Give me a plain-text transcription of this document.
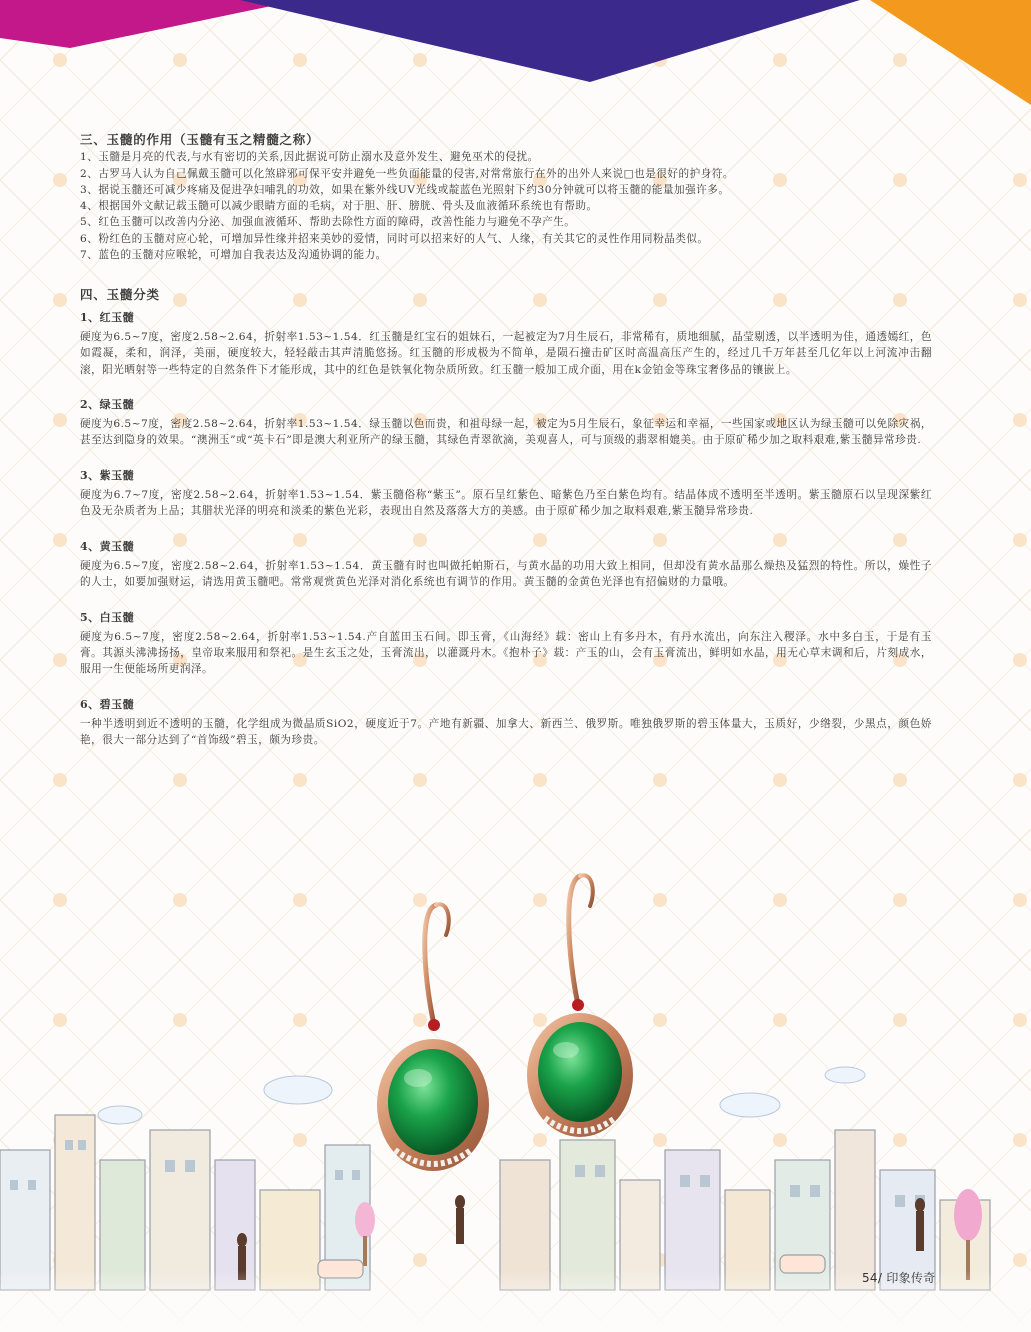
三、玉髓的作用（玉髓有玉之精髓之称）
1、玉髓是月亮的代表,与水有密切的关系,因此据说可防止溺水及意外发生、避免巫术的侵扰。
2、古罗马人认为自己佩戴玉髓可以化煞辟邪可保平安并避免一些负面能量的侵害,对常常旅行在外的出外人来说□也是很好的护身符。
3、据说玉髓还可减少疼痛及促进孕妇哺乳的功效，如果在紫外线UV光线或靛蓝色光照射下约30分钟就可以将玉髓的能量加强许多。
4、根据国外文献记载玉髓可以减少眼睛方面的毛病，对于胆、肝、膀胱、骨头及血液循环系统也有帮助。
5、红色玉髓可以改善内分泌、加强血液循环、帮助去除性方面的障碍，改善性能力与避免不孕产生。
6、粉红色的玉髓对应心轮，可增加异性缘并招来美妙的爱情，同时可以招来好的人气、人缘，有关其它的灵性作用同粉晶类似。
7、蓝色的玉髓对应喉轮，可增加自我表达及沟通协调的能力。
四、玉髓分类
1、红玉髓

硬度为6.5~7度，密度2.58~2.64，折射率1.53~1.54．红玉髓是红宝石的姐妹石，一起被定为7月生辰石，非常稀有，质地细腻，晶莹剔透，以半透明为佳，通透嫣红，色如霞凝，柔和，润泽，美丽，硬度较大，轻轻敲击其声清脆悠扬。红玉髓的形成极为不简单，是陨石撞击矿区时高温高压产生的，经过几千万年甚至几亿年以上河流冲击翻滚，阳光晒射等一些特定的自然条件下才能形成，其中的红色是铁氧化物杂质所致。红玉髓一般加工成介面，用在k金铂金等珠宝奢侈品的镶嵌上。

2、绿玉髓

硬度为6.5~7度，密度2.58~2.64，折射率1.53~1.54．绿玉髓以色而贵，和祖母绿一起，被定为5月生辰石，象征幸运和幸福，一些国家或地区认为绿玉髓可以免除灾祸，甚至达到隐身的效果。“澳洲玉”或“英卡石”即是澳大利亚所产的绿玉髓，其绿色青翠欲滴，美观喜人，可与顶级的翡翠相媲美。由于原矿稀少加之取料艰难,紫玉髓异常珍贵.

3、紫玉髓

硬度为6.7~7度，密度2.58~2.64，折射率1.53~1.54．紫玉髓俗称“紫玉”。原石呈红紫色、暗紫色乃至白紫色均有。结晶体成不透明至半透明。紫玉髓原石以呈现深紫红色及无杂质者为上品；其腊状光泽的明亮和淡柔的紫色光彩，表现出自然及落落大方的美感。由于原矿稀少加之取料艰难,紫玉髓异常珍贵.

4、黄玉髓

硬度为6.5~7度，密度2.58~2.64，折射率1.53~1.54．黄玉髓有时也叫做托帕斯石，与黄水晶的功用大致上相同，但却没有黄水晶那么燥热及猛烈的特性。所以，燥性子的人士，如要加强财运，请选用黄玉髓吧。常常观赏黄色光泽对消化系统也有调节的作用。黄玉髓的金黄色光泽也有招偏财的力量哦。

5、白玉髓

硬度为6.5~7度，密度2.58~2.64，折射率1.53~1.54.产自蓝田玉石间。即玉膏，《山海经》载：密山上有多丹木，有丹水流出，向东注入稷泽。水中多白玉，于是有玉膏。其源头沸沸扬扬，皇帝取来服用和祭祀。是生玄玉之处，玉膏流出，以灌溉丹木。《抱朴子》载：产玉的山，会有玉膏流出，鲜明如水晶，用无心草末调和后，片刻成水，服用一生便能场所更润泽。

6、碧玉髓

一种半透明到近不透明的玉髓，化学组成为微晶质SiO2，硬度近于7。产地有新疆、加拿大、新西兰、俄罗斯。唯独俄罗斯的碧玉体量大，玉质好，少绺裂，少黑点，颜色娇艳，很大一部分达到了“首饰级”碧玉，颇为珍贵。

54/ 印象传奇
